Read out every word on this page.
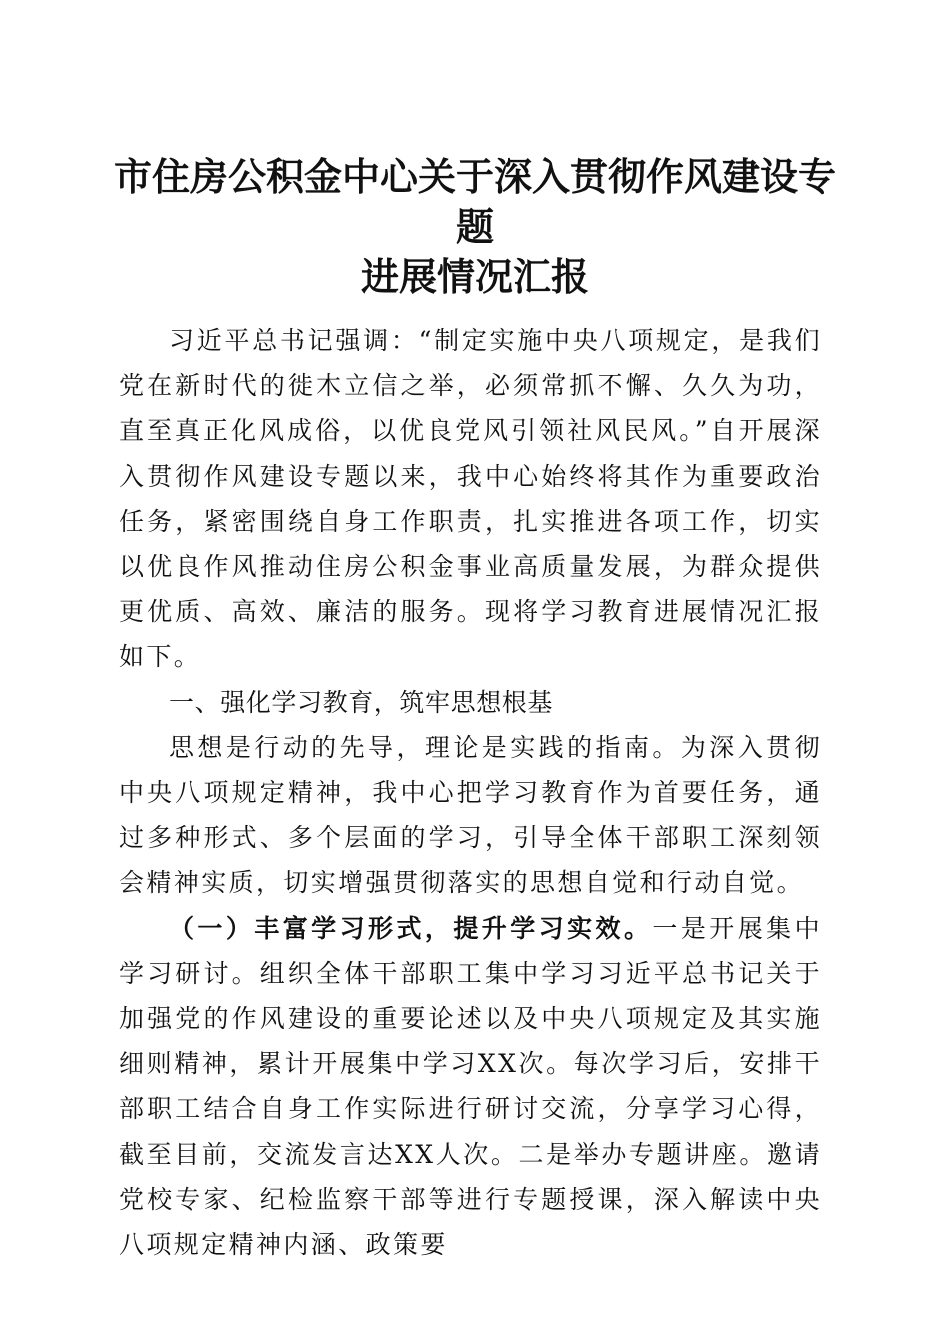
市住房公积金中心关于深入贯彻作风建设专题
进展情况汇报

习近平总书记强调：“制定实施中央八项规定，是我们党在新时代的徙木立信之举，必须常抓不懈、久久为功，直至真正化风成俗，以优良党风引领社风民风。”自开展深入贯彻作风建设专题以来，我中心始终将其作为重要政治任务，紧密围绕自身工作职责，扎实推进各项工作，切实以优良作风推动住房公积金事业高质量发展，为群众提供更优质、高效、廉洁的服务。现将学习教育进展情况汇报如下。

一、强化学习教育，筑牢思想根基

思想是行动的先导，理论是实践的指南。为深入贯彻中央八项规定精神，我中心把学习教育作为首要任务，通过多种形式、多个层面的学习，引导全体干部职工深刻领会精神实质，切实增强贯彻落实的思想自觉和行动自觉。

（一）丰富学习形式，提升学习实效。一是开展集中学习研讨。组织全体干部职工集中学习习近平总书记关于加强党的作风建设的重要论述以及中央八项规定及其实施细则精神，累计开展集中学习XX次。每次学习后，安排干部职工结合自身工作实际进行研讨交流，分享学习心得，截至目前，交流发言达XX人次。二是举办专题讲座。邀请党校专家、纪检监察干部等进行专题授课，深入解读中央八项规定精神内涵、政策要
